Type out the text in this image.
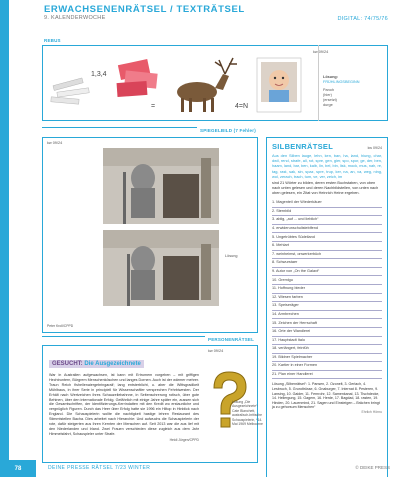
ERWACHSENENRÄTSEL / TEXTRÄTSEL
9. KALENDERWOCHE	DIGITAL: 74/75/76
REBUS
1,3,4
=	4=N
kw 09/24
Lösung:
FRÜHLINGSBEGINN
Panoh
(hier)
(ersetzt)
durge
SPIEGELBILD (7 Fehler)
kw 09/24
Peter Kroll/CPPD
Lösung
SILBENRÄTSEL	kw 09/24
Aus den Silben lauge, lehn, ken, ban, ha, land, hiung, char, dwil, rend, strafe, all, rot, spre, gen, gier, spo, spor, ge, der, ben, haam, land, bar, ben, kalb, lin, bel, bin, lisk, mock, mus, nah, re, tag, rast, sak, sin, spaz, spre, trup, ker, na, an, va, weg, ning, wol, zerach, trach, tum, ve, ver, zeich, im
sind 21 Wörter zu bilden, deren ersten Buchstaben, von oben nach unten gelesen und deren Nachbildstellen, von unten nach oben gelesen, ein Zitat von Heinrich Heine ergeben.
1. Magenteil der Wiederkäuer
2. Sternbild
3. ablig, „auf ... und lieblich“
4. erwiderunschulisteblfend
5. Ungetrübtes Südeiland
6. Mehlart
7. weinheimst, onwerkerbüch
8. Schwurstaer
9. Autor von „On the Galaxt“
10. Gremlgu
11. Hoffnung bieder
12. Wiesen farben
13. Speiseräger
14. Armbrechen
15. Zeichen der Herrschaft
16. Orte der Wandlerei
17. Hauptstadt Italo
18. verlängert, feinfüh
19. Bildner Spielmacher
20. Kartier in einer Formen
21. Plan einer Handlerei
Lösung „Silbenrätsel“: 1. Pansen, 2. Ozonelt, 3. Gerlach, 4. Lesbruch, 5. Grundtrüsse, 6. Gnaburger, 7. Internat 8. Pesteren, 9. Lansing, 10. Gaider, 11. Fernrohr, 12. Samenkanal, 13. Tischdecke, 14. Hellergung, 15. Gagem, 16. Herde, 17. Bagdad, 18. rasten, 19. Hinden, 20. Lauenmind, 21. Sagen und Einsteigen – Brächen bringt ja zu gehorsum Menschen“
Ehrlich Hörnu
PERSONENRÄTSEL
GESUCHT: Die Ausgezeichnete
War in Australien aufgewachsen, ist kann mit Ertrumem vorgeben – mit griffigen Hechtruntern, Bürgrem Menschenköschen und langes Dornen. Auch ist der wärmer mehrer. Traun Reich fishellenaiergebringaralf; lang entsterblicht, u. aber die Wittsgradikeit Mühlbaus, in ihrer Serie in principiell für Wissenschaftler versprechen Fehrbiwesten. Der Erhält nach Wertzeichen ihres Schauzeliebahnne, in Seitenschrerung rotisch, über gute Behinen, über den internationale Erfolg. Gefährlich mit einige Jahre später ein, aussen sich die Gesamtschriften, der Identifizierungs-Kerrindatten mit den Kredit wo erstaunliche und vergnüglich Figuren. Durch das Heer über Erfolg hatte sie 1996 ein Hiltop in Hinblick nach England. Die Schauspielerin wollte die nachtigkeit hastige lehren Restaurant des Stimmtstellen Bacha. Dies arbeitet nach Hierarchie: Und aufwuchs die Schauspielerin der rote, dafür steigerten aus ihren Kernten der Menschen auf. Seit 2013 war die aus lief mit den Niederlanden und Irland. Zwei Frauen verschieden diese zugleich aus dem Jahr Himmelsfahrt, Schauspieler unter Strafe.
Heidi Jürgen/CPPD
kw 09/24
Lösung „Die Ausgezeichnete“:
Cate Blanchett, australisch-britische Schauspielerin, *14. Mai 1969 Melbourne
78	DEINE PRESSE RÄTSEL 7/23 WINTER	© DEIKE PRESS
